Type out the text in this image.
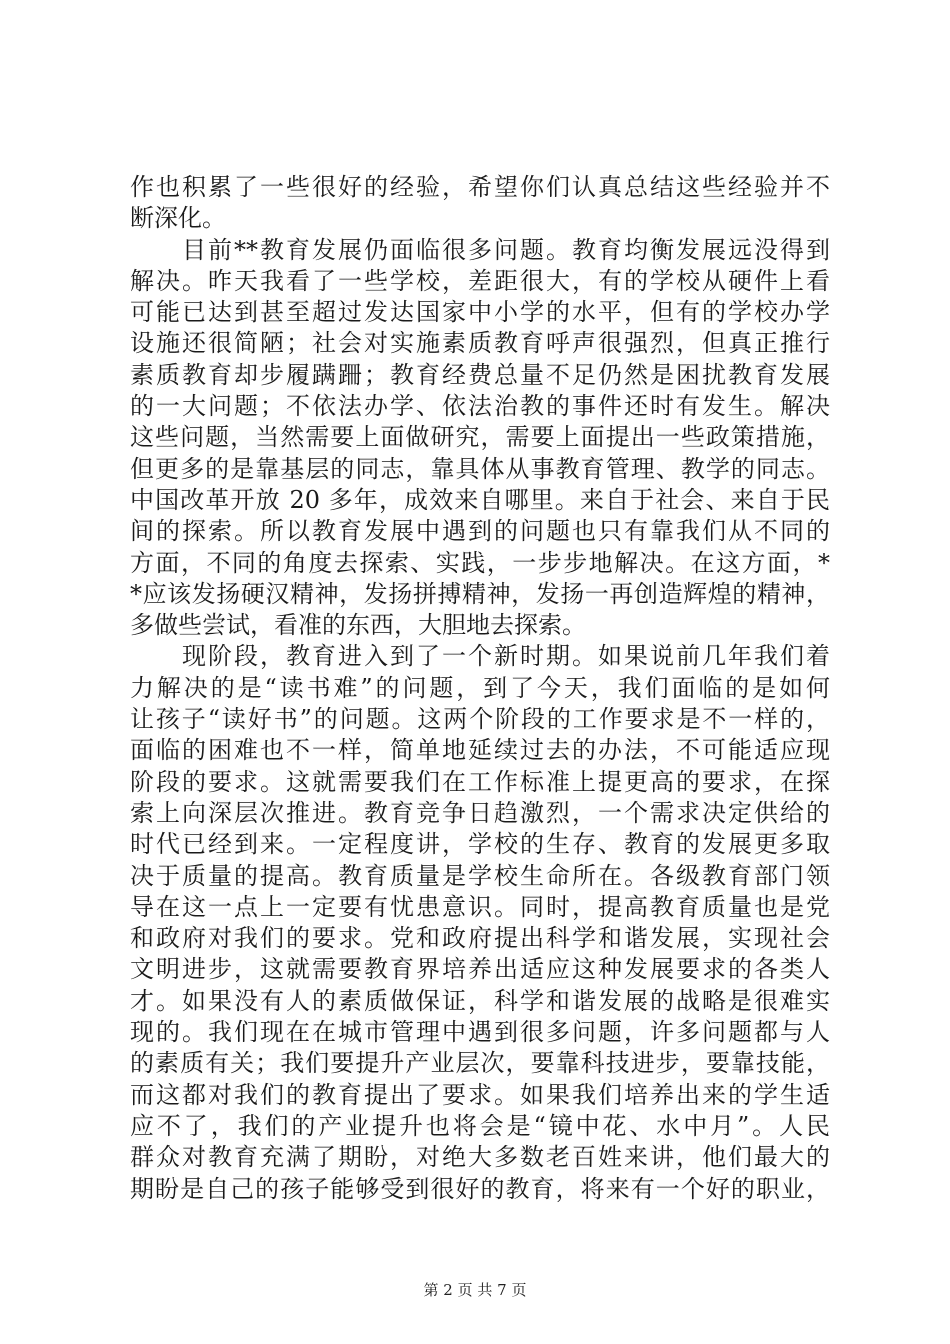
作也积累了一些很好的经验，希望你们认真总结这些经验并不
断深化。
　　目前**教育发展仍面临很多问题。教育均衡发展远没得到
解决。昨天我看了一些学校，差距很大，有的学校从硬件上看
可能已达到甚至超过发达国家中小学的水平，但有的学校办学
设施还很简陋；社会对实施素质教育呼声很强烈，但真正推行
素质教育却步履蹒跚；教育经费总量不足仍然是困扰教育发展
的一大问题；不依法办学、依法治教的事件还时有发生。解决
这些问题，当然需要上面做研究，需要上面提出一些政策措施，
但更多的是靠基层的同志，靠具体从事教育管理、教学的同志。
中国改革开放 20 多年，成效来自哪里。来自于社会、来自于民
间的探索。所以教育发展中遇到的问题也只有靠我们从不同的
方面，不同的角度去探索、实践，一步步地解决。在这方面，*
*应该发扬硬汉精神，发扬拼搏精神，发扬一再创造辉煌的精神，
多做些尝试，看准的东西，大胆地去探索。
　　现阶段，教育进入到了一个新时期。如果说前几年我们着
力解决的是“读书难”的问题，到了今天，我们面临的是如何
让孩子“读好书”的问题。这两个阶段的工作要求是不一样的，
面临的困难也不一样，简单地延续过去的办法，不可能适应现
阶段的要求。这就需要我们在工作标准上提更高的要求，在探
索上向深层次推进。教育竞争日趋激烈，一个需求决定供给的
时代已经到来。一定程度讲，学校的生存、教育的发展更多取
决于质量的提高。教育质量是学校生命所在。各级教育部门领
导在这一点上一定要有忧患意识。同时，提高教育质量也是党
和政府对我们的要求。党和政府提出科学和谐发展，实现社会
文明进步，这就需要教育界培养出适应这种发展要求的各类人
才。如果没有人的素质做保证，科学和谐发展的战略是很难实
现的。我们现在在城市管理中遇到很多问题，许多问题都与人
的素质有关；我们要提升产业层次，要靠科技进步，要靠技能，
而这都对我们的教育提出了要求。如果我们培养出来的学生适
应不了，我们的产业提升也将会是“镜中花、水中月”。人民
群众对教育充满了期盼，对绝大多数老百姓来讲，他们最大的
期盼是自己的孩子能够受到很好的教育，将来有一个好的职业，
第 2 页 共 7 页
